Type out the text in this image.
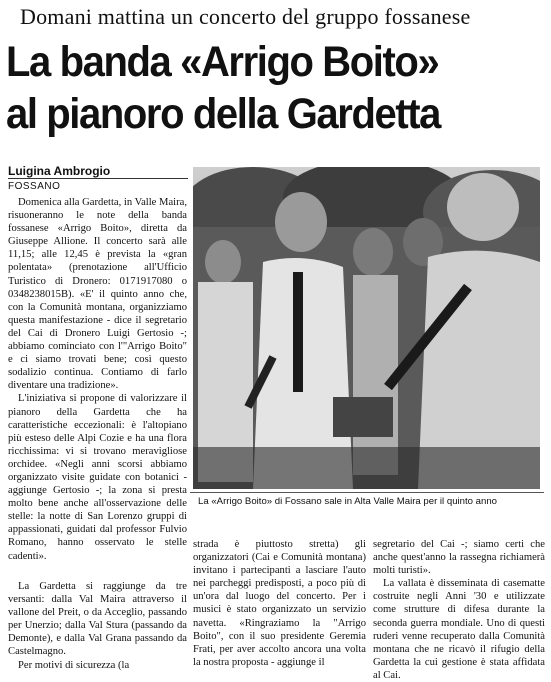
Domani mattina un concerto del gruppo fossanese
La banda «Arrigo Boito»
al pianoro della Gardetta
Luigina Ambrogio
FOSSANO

Domenica alla Gardetta, in Valle Maira, risuoneranno le note della banda fossanese «Arrigo Boito», diretta da Giuseppe Allione. Il concerto sarà alle 11,15; alle 12,45 è prevista la «gran polentata» (prenotazione all'Ufficio Turistico di Dronero: 0171917080 o 0348238015B). «E' il quinto anno che, con la Comunità montana, organizziamo questa manifestazione - dice il segretario del Cai di Dronero Luigi Gertosio -; abbiamo cominciato con l'"Arrigo Boito" e ci siamo trovati bene; così questo sodalizio continua. Contiamo di farlo diventare una tradizione».

L'iniziativa si propone di valorizzare il pianoro della Gardetta che ha caratteristiche eccezionali: è l'altopiano più esteso delle Alpi Cozie e ha una flora ricchissima: vi si trovano meravigliose orchidee. «Negli anni scorsi abbiamo organizzato visite guidate con botanici - aggiunge Gertosio -; la zona si presta molto bene anche all'osservazione delle stelle: la notte di San Lorenzo gruppi di appassionati, guidati dal professor Fulvio Romano, hanno osservato le stelle cadenti».

La «Arrigo Boito» di Fossano sale in Alta Valle Maira per il quinto anno

La Gardetta si raggiunge da tre versanti: dalla Val Maira attraverso il vallone del Preit, o da Acceglio, passando per Unerzio; dalla Val Stura (passando da Demonte), e dalla Val Grana passando da Castelmagno.

Per motivi di sicurezza (la

strada è piuttosto stretta) gli organizzatori (Cai e Comunità montana) invitano i partecipanti a lasciare l'auto nei parcheggi predisposti, a poco più di un'ora dal luogo del concerto. Per i musici è stato organizzato un servizio navetta. «Ringraziamo la "Arrigo Boito", con il suo presidente Geremia Frati, per aver accolto ancora una volta la nostra proposta - aggiunge il

segretario del Cai -; siamo certi che anche quest'anno la rassegna richiamerà molti turisti».

La vallata è disseminata di casematte costruite negli Anni '30 e utilizzate come strutture di difesa durante la seconda guerra mondiale. Uno di questi ruderi venne recuperato dalla Comunità montana che ne ricavò il rifugio della Gardetta la cui gestione è stata affidata al Cai.
